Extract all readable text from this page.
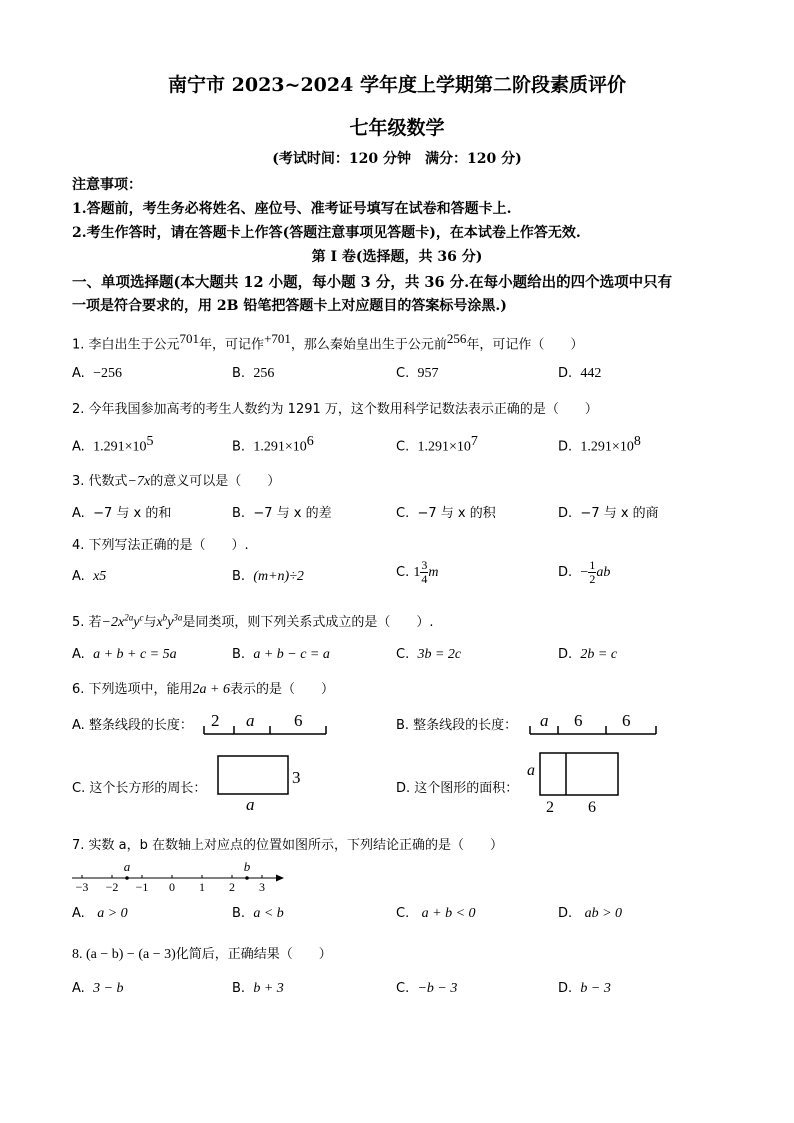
南宁市 2023~2024 学年度上学期第二阶段素质评价
七年级数学
(考试时间：120 分钟　满分：120 分)
注意事项：
1.答题前，考生务必将姓名、座位号、准考证号填写在试卷和答题卡上.
2.考生作答时，请在答题卡上作答(答题注意事项见答题卡)，在本试卷上作答无效.
第 I 卷(选择题，共 36 分)
一、单项选择题(本大题共 12 小题，每小题 3 分，共 36 分.在每小题给出的四个选项中只有
一项是符合要求的，用 2B 铅笔把答题卡上对应题目的答案标号涂黑.)
1. 李白出生于公元$^{701}$年，可记作$^{+701}$，那么秦始皇出生于公元前$^{256}$年，可记作（　　）
A. −256	B. 256	C. 957	D. 442
2. 今年我国参加高考的考生人数约为 1291 万，这个数用科学记数法表示正确的是（　　）
A. $1.291\times 10^5$	B. $1.291\times 10^6$	C. $1.291\times 10^7$	D. $1.291\times 10^8$
3. 代数式−7x的意义可以是（　　）
A. −7 与 x 的和	B. −7 与 x 的差	C. −7 与 x 的积	D. −7 与 x 的商
4. 下列写法正确的是（　　）.
A. x5	B. (m+n)÷2	C. $1 \frac{3}{4}$ m	D. − $\frac{1}{2}$ ab
5. 若$-2x^{2a}y^c$与$x^by^{3a}$是同类项，则下列关系式成立的是（　　）.
A. a + b + c = 5a	B. a + b − c = a	C. 3b = 2c	D. 2b = c
6. 下列选项中，能用2a + 6表示的是（　　）
A. 整条线段的长度： 2 a 6	B. 整条线段的长度： a 6 6
C. 这个长方形的周长：
3
a
D. 这个图形的面积：
a
2 6
7. 实数 a，b 在数轴上对应点的位置如图所示，下列结论正确的是（　　）
−3 −2 −1 0 1 2 3
a	b
A. a > 0	B. a < b	C. a + b < 0	D. ab > 0
8. (a − b) − (a − 3)化简后，正确结果（　　）
A. 3 − b	B. b + 3	C. −b − 3	D. b − 3
